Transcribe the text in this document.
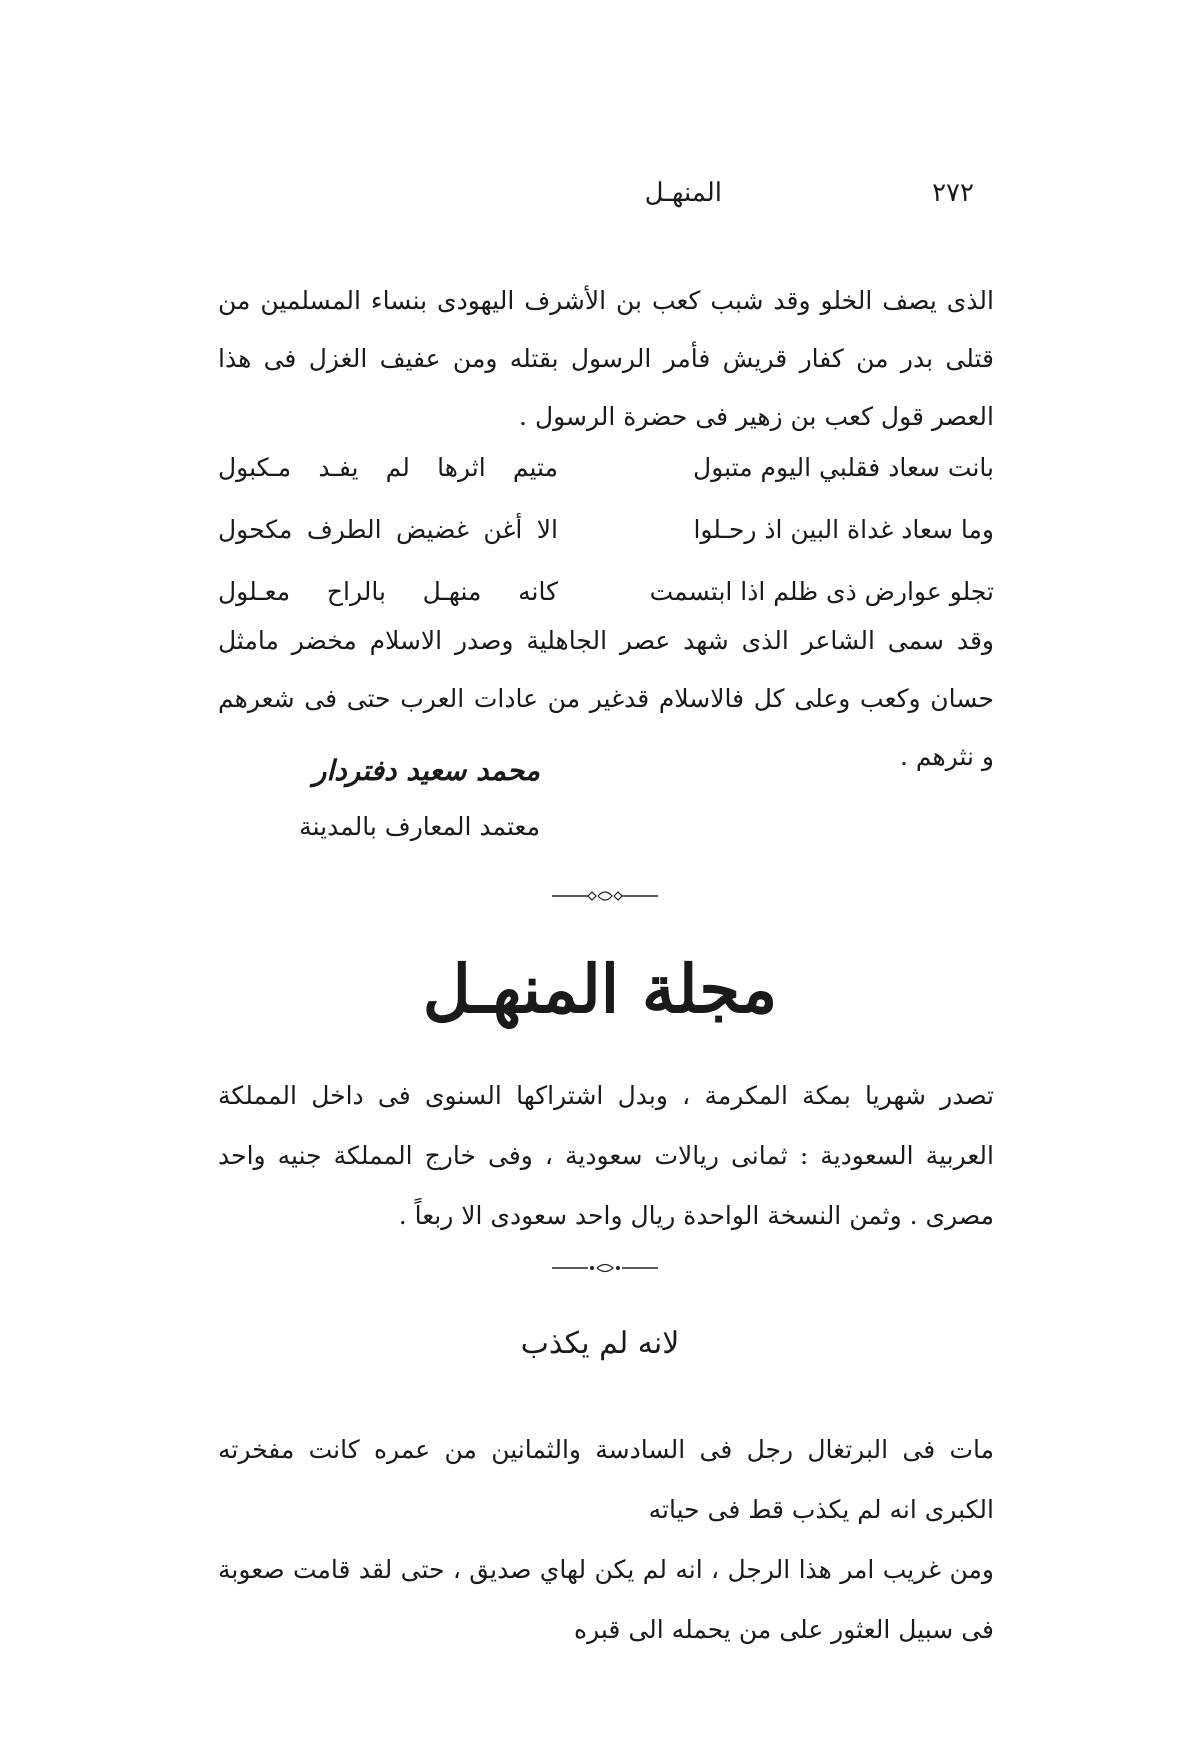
٢٧٢
المنهـل
الذى يصف الخلو وقد شبب كعب بن الأشرف اليهودى بنساء المسلمين من قتلى بدر من كفار قريش فأمر الرسول بقتله ومن عفيف الغزل فى هذا العصر قول كعب بن زهير فى حضرة الرسول .
بانت سعاد فقلبي اليوم متبول
متيم اثرها لم يفـد مـكبول
وما سعاد غداة البين اذ رحـلوا
الا أغن غضيض الطرف مكحول
تجلو عوارض ذى ظلم اذا ابتسمت
كانه منهـل بالراح معـلول
وقد سمى الشاعر الذى شهد عصر الجاهلية وصدر الاسلام مخضر مامثل حسان وكعب وعلى كل فالاسلام قدغير من عادات العرب حتى فى شعرهم و نثرهم .
محمد سعيد دفتردار
معتمد المعارف بالمدينة
مجلة المنهـل
تصدر شهريا بمكة المكرمة ، وبدل اشتراكها السنوى فى داخل المملكة العربية السعودية : ثمانى ريالات سعودية ، وفى خارج المملكة جنيه واحد مصرى . وثمن النسخة الواحدة ريال واحد سعودى الا ربعاً .
لانه لم يكذب
مات فى البرتغال رجل فى السادسة والثمانين من عمره كانت مفخرته الكبرى انه لم يكذب قط فى حياته
ومن غريب امر هذا الرجل ، انه لم يكن لهاي صديق ، حتى لقد قامت صعوبة فى سبيل العثور على من يحمله الى قبره
